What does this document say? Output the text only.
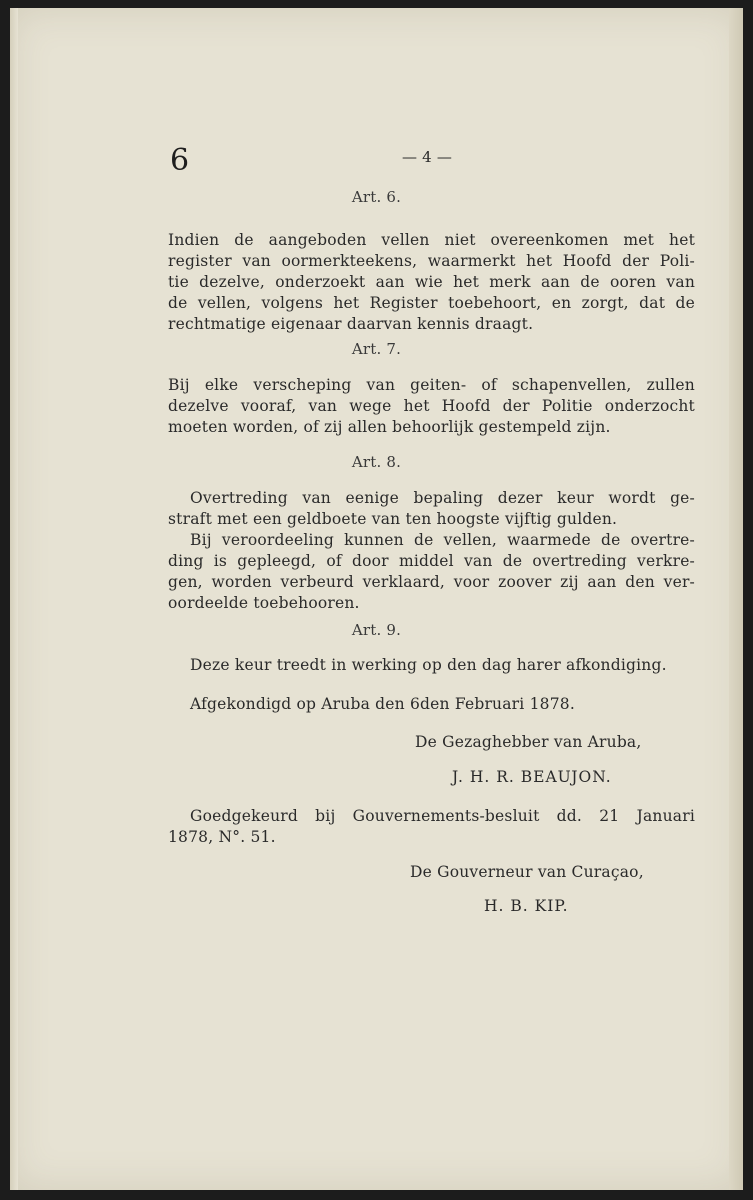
6	— 4 —
Art. 6.
Indien de aangeboden vellen niet overeenkomen met het
register van oormerkteekens, waarmerkt het Hoofd der Poli-
tie dezelve, onderzoekt aan wie het merk aan de ooren van
de vellen, volgens het Register toebehoort, en zorgt, dat de
rechtmatige eigenaar daarvan kennis draagt.
Art. 7.
Bij elke verscheping van geiten- of schapenvellen, zullen
dezelve vooraf, van wege het Hoofd der Politie onderzocht
moeten worden, of zij allen behoorlijk gestempeld zijn.
Art. 8.
Overtreding van eenige bepaling dezer keur wordt ge-
straft met een geldboete van ten hoogste vijftig gulden.
Bij veroordeeling kunnen de vellen, waarmede de overtre-
ding is gepleegd, of door middel van de overtreding verkre-
gen, worden verbeurd verklaard, voor zoover zij aan den ver-
oordeelde toebehooren.
Art. 9.
Deze keur treedt in werking op den dag harer afkondiging.
Afgekondigd op Aruba den 6den Februari 1878.
De Gezaghebber van Aruba,
J. H. R. BEAUJON.
Goedgekeurd bij Gouvernements-besluit dd. 21 Januari
1878, N°. 51.
De Gouverneur van Curaçao,
H. B. KIP.
